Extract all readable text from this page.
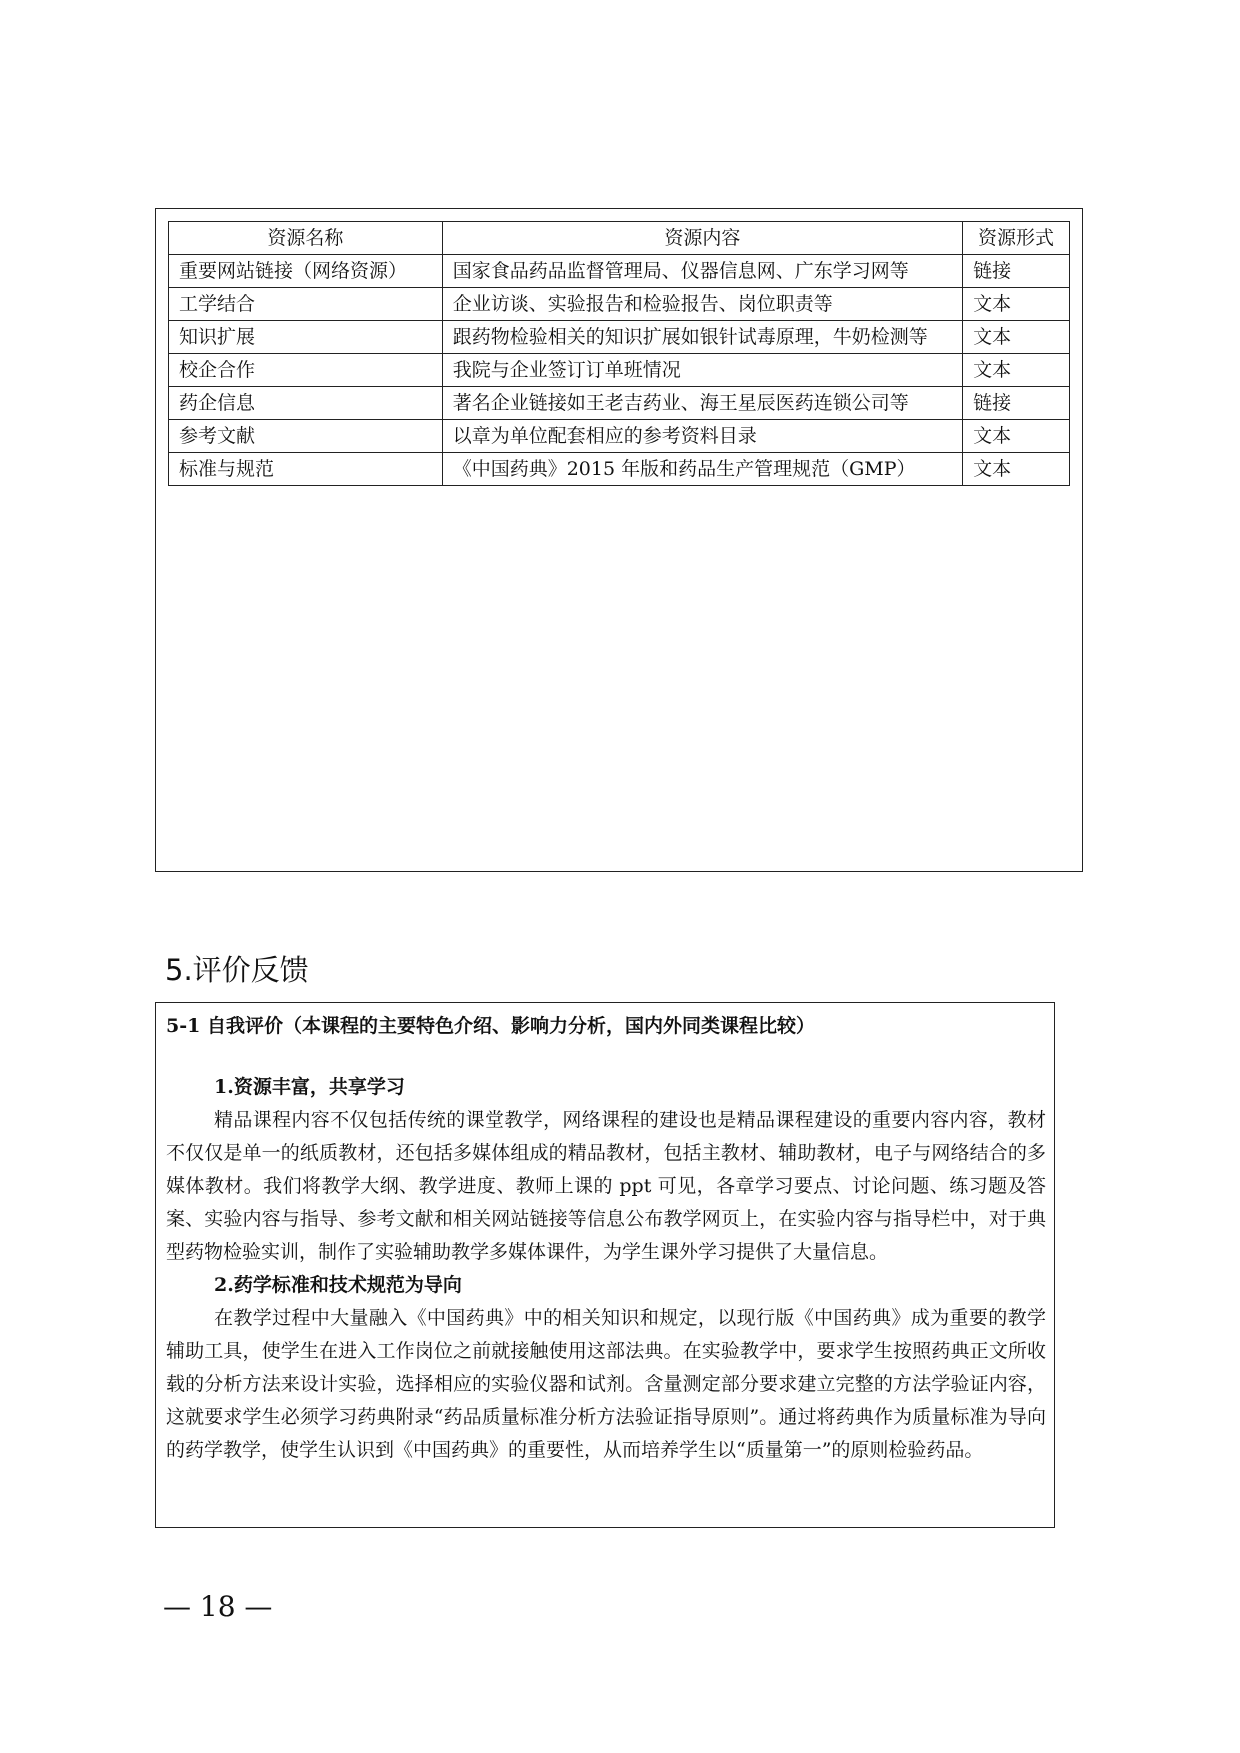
资源名称	资源内容	资源形式
重要网站链接（网络资源）	国家食品药品监督管理局、仪器信息网、广东学习网等	链接
工学结合	企业访谈、实验报告和检验报告、岗位职责等	文本
知识扩展	跟药物检验相关的知识扩展如银针试毒原理，牛奶检测等	文本
校企合作	我院与企业签订订单班情况	文本
药企信息	著名企业链接如王老吉药业、海王星辰医药连锁公司等	链接
参考文献	以章为单位配套相应的参考资料目录	文本
标准与规范	《中国药典》2015 年版和药品生产管理规范（GMP）	文本
5.评价反馈
5-1 自我评价（本课程的主要特色介绍、影响力分析，国内外同类课程比较）
1.资源丰富，共享学习

精品课程内容不仅包括传统的课堂教学，网络课程的建设也是精品课程建设的重要内容内容，教材不仅仅是单一的纸质教材，还包括多媒体组成的精品教材，包括主教材、辅助教材，电子与网络结合的多媒体教材。我们将教学大纲、教学进度、教师上课的 ppt 可见，各章学习要点、讨论问题、练习题及答案、实验内容与指导、参考文献和相关网站链接等信息公布教学网页上，在实验内容与指导栏中，对于典型药物检验实训，制作了实验辅助教学多媒体课件，为学生课外学习提供了大量信息。

2.药学标准和技术规范为导向

在教学过程中大量融入《中国药典》中的相关知识和规定，以现行版《中国药典》成为重要的教学辅助工具，使学生在进入工作岗位之前就接触使用这部法典。在实验教学中，要求学生按照药典正文所收载的分析方法来设计实验，选择相应的实验仪器和试剂。含量测定部分要求建立完整的方法学验证内容，这就要求学生必须学习药典附录“药品质量标准分析方法验证指导原则”。通过将药典作为质量标准为导向的药学教学，使学生认识到《中国药典》的重要性，从而培养学生以“质量第一”的原则检验药品。

— 18 —
